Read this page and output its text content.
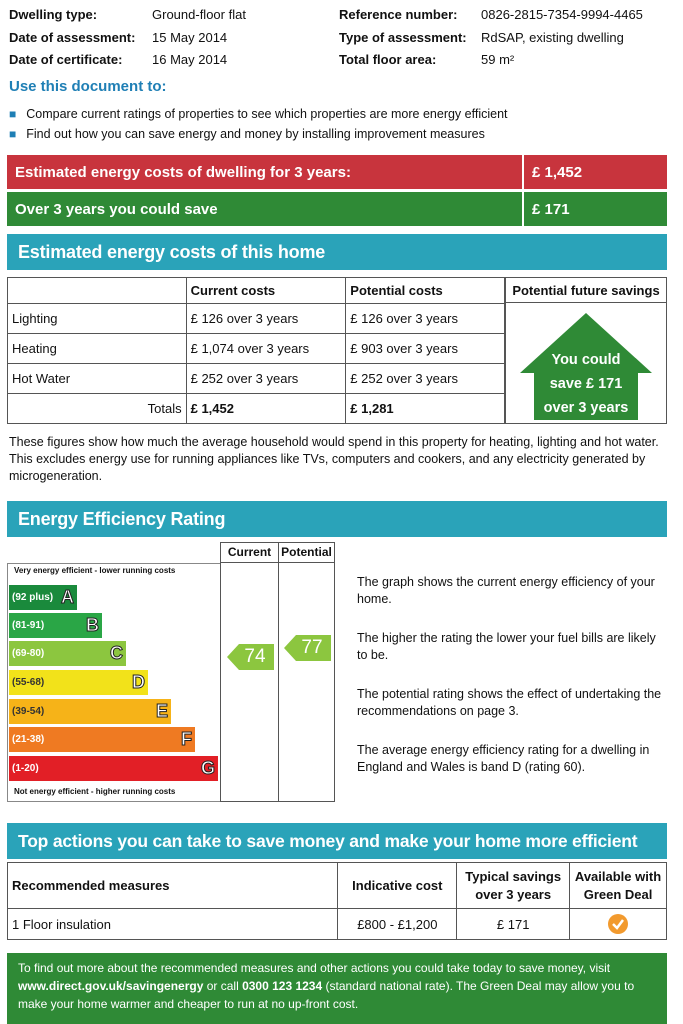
Dwelling type:	Ground-floor flat
Date of assessment: 15 May 2014
Date of certificate: 16 May 2014
Reference number: 0826-2815-7354-9994-4465
Type of assessment: RdSAP, existing dwelling
Total floor area:	59 m²
Use this document to:
■ Compare current ratings of properties to see which properties are more energy efficient
■ Find out how you can save energy and money by installing improvement measures
Estimated energy costs of dwelling for 3 years:	£ 1,452
Over 3 years you could save	£ 171
Estimated energy costs of this home
	Current costs	Potential costs
Lighting	£ 126 over 3 years	£ 126 over 3 years
Heating	£ 1,074 over 3 years	£ 903 over 3 years
Hot Water	£ 252 over 3 years	£ 252 over 3 years
Totals	£ 1,452	£ 1,281
Potential future savings
You could
save £ 171
over 3 years
These figures show how much the average household would spend in this property for heating, lighting and hot water. This excludes energy use for running appliances like TVs, computers and cookers, and any electricity generated by microgeneration.
Energy Efficiency Rating
Current Potential
Very energy efficient - lower running costs
(92 plus) A
(81-91) B
(69-80)	C
(55-68)	D
(39-54)	E
(21-38)	F
(1-20)	G
Not energy efficient - higher running costs
74 77
The graph shows the current energy efficiency of your home.
The higher the rating the lower your fuel bills are likely to be.
The potential rating shows the effect of undertaking the recommendations on page 3.
The average energy efficiency rating for a dwelling in England and Wales is band D (rating 60).
Top actions you can take to save money and make your home more efficient
Recommended measures	Indicative cost	Typical savings over 3 years	Available with Green Deal
1 Floor insulation	£800 - £1,200	£ 171	
To find out more about the recommended measures and other actions you could take today to save money, visit www.direct.gov.uk/savingenergy or call 0300 123 1234 (standard national rate). The Green Deal may allow you to make your home warmer and cheaper to run at no up-front cost.
